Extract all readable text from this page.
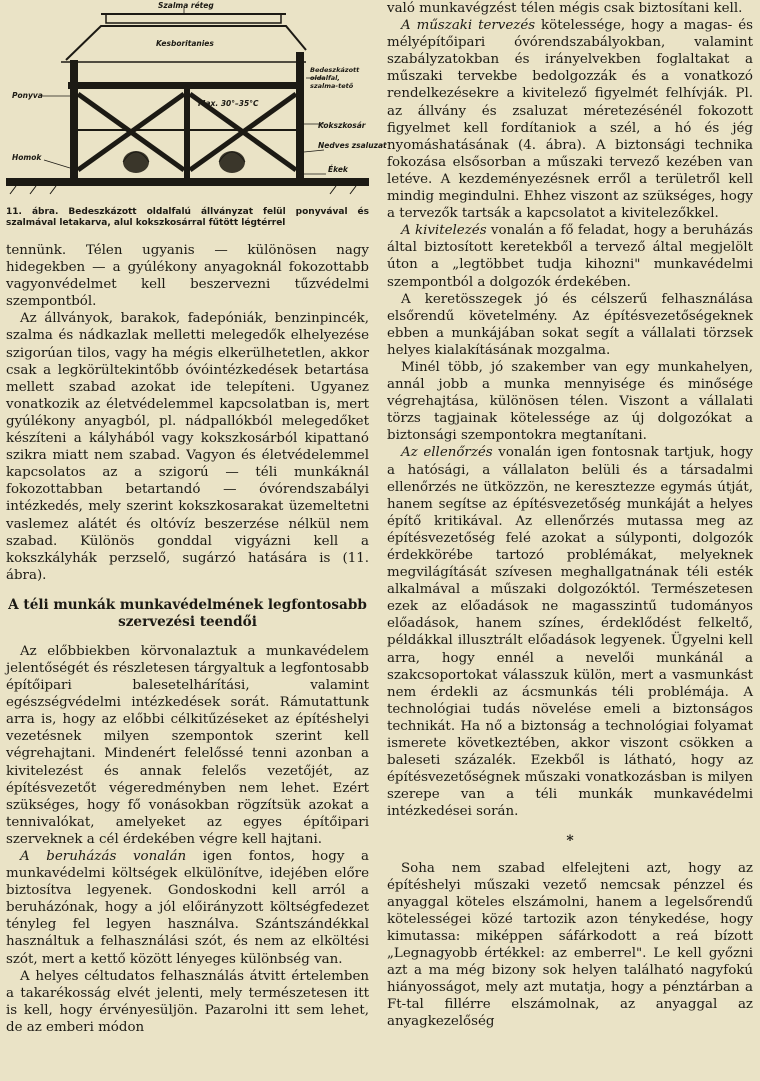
Szalma réteg
Kesboritanies
Max. 30°–35°C
Ponyva
Homok
Bedeszkázott oldalfal, szalma-tető
Kokszkosár
Nedves zsaluzat
Ékek
11. ábra. Bedeszkázott oldalfalú állványzat felül ponyvával és szalmával letakarva, alul kokszkosárral fűtött légtérrel

tennünk. Télen ugyanis — különösen nagy hidegekben — a gyúlékony anyagoknál fokozottabb vagyonvédelmet kell beszervezni tűzvédelmi szempontból.

Az állványok, barakok, fadepóniák, benzinpincék, szalma és nádkazlak melletti melegedők elhelyezése szigorúan tilos, vagy ha mégis elkerülhetetlen, akkor csak a legkörültekintőbb óvóintézkedések betartása mellett szabad azokat ide telepíteni. Ugyanez vonatkozik az életvédelemmel kapcsolatban is, mert gyúlékony anyagból, pl. nádpallókból melegedőket készíteni a kályhából vagy kokszkosárból kipattanó szikra miatt nem szabad. Vagyon és életvédelemmel kapcsolatos az a szigorú — téli munkáknál fokozottabban betartandó — óvórendszabályi intézkedés, mely szerint kokszkosarakat üzemeltetni vaslemez alátét és oltóvíz beszerzése nélkül nem szabad. Különös gonddal vigyázni kell a kokszkályhák perzselő, sugárzó hatására is (11. ábra).

A téli munkák munkavédelmének legfontosabb szervezési teendői

Az előbbiekben körvonalaztuk a munkavédelem jelentőségét és részletesen tárgyaltuk a legfontosabb építőipari balesetelhárítási, valamint egészségvédelmi intézkedések sorát. Rámutattunk arra is, hogy az előbbi célkitűzéseket az építéshelyi vezetésnek milyen szempontok szerint kell végrehajtani. Mindenért felelőssé tenni azonban a kivitelezést és annak felelős vezetőjét, az építésvezetőt végeredményben nem lehet. Ezért szükséges, hogy fő vonásokban rögzítsük azokat a tennivalókat, amelyeket az egyes építőipari szerveknek a cél érdekében végre kell hajtani.

A beruházás vonalán igen fontos, hogy a munkavédelmi költségek elkülönítve, idejében előre biztosítva legyenek. Gondoskodni kell arról a beruházónak, hogy a jól előirányzott költségfedezet tényleg fel legyen használva. Szántszándékkal használtuk a felhasználási szót, és nem az elköltési szót, mert a kettő között lényeges különbség van.

A helyes céltudatos felhasználás átvitt értelemben a takarékosság elvét jelenti, mely természetesen itt is kell, hogy érvényesüljön. Pazarolni itt sem lehet, de az emberi módon

való munkavégzést télen mégis csak biztosítani kell.

A műszaki tervezés kötelessége, hogy a magas- és mélyépítőipari óvórendszabályokban, valamint szabályzatokban és irányelvekben foglaltakat a műszaki tervekbe bedolgozzák és a vonatkozó rendelkezésekre a kivitelező figyelmét felhívják. Pl. az állvány és zsaluzat méretezésénél fokozott figyelmet kell fordítaniok a szél, a hó és jég nyomáshatásának (4. ábra). A biztonsági technika fokozása elsősorban a műszaki tervező kezében van letéve. A kezdeményezésnek erről a területről kell mindig megindulni. Ehhez viszont az szükséges, hogy a tervezők tartsák a kapcsolatot a kivitelezőkkel.

A kivitelezés vonalán a fő feladat, hogy a beruházás által biztosított keretekből a tervező által megjelölt úton a „legtöbbet tudja kihozni" munkavédelmi szempontból a dolgozók érdekében.

A keretösszegek jó és célszerű felhasználása elsőrendű követelmény. Az építésvezetőségeknek ebben a munkájában sokat segít a vállalati törzsek helyes kialakításának mozgalma.

Minél több, jó szakember van egy munkahelyen, annál jobb a munka mennyisége és minősége végrehajtása, különösen télen. Viszont a vállalati törzs tagjainak kötelessége az új dolgozókat a biztonsági szempontokra megtanítani.

Az ellenőrzés vonalán igen fontosnak tartjuk, hogy a hatósági, a vállalaton belüli és a társadalmi ellenőrzés ne ütközzön, ne keresztezze egymás útját, hanem segítse az építésvezetőség munkáját a helyes építő kritikával. Az ellenőrzés mutassa meg az építésvezetőség felé azokat a súlyponti, dolgozók érdekkörébe tartozó problémákat, melyeknek megvilágítását szívesen meghallgatnának téli esték alkalmával a műszaki dolgozóktól. Természetesen ezek az előadások ne magasszintű tudományos előadások, hanem színes, érdeklődést felkeltő, példákkal illusztrált előadások legyenek. Ügyelni kell arra, hogy ennél a nevelői munkánál a szakcsoportokat válasszuk külön, mert a vasmunkást nem érdekli az ácsmunkás téli problémája. A technológiai tudás növelése emeli a biztonságos technikát. Ha nő a biztonság a technológiai folyamat ismerete következtében, akkor viszont csökken a baleseti százalék. Ezekből is látható, hogy az építésvezetőségnek műszaki vonatkozásban is milyen szerepe van a téli munkák munkavédelmi intézkedései során.

*

Soha nem szabad elfelejteni azt, hogy az építéshelyi műszaki vezető nemcsak pénzzel és anyaggal köteles elszámolni, hanem a legelsőrendű kötelességei közé tartozik azon ténykedése, hogy kimutassa: miképpen sáfárkodott a reá bízott „Legnagyobb értékkel: az emberrel". Le kell győzni azt a ma még bizony sok helyen található nagyfokú hiányosságot, mely azt mutatja, hogy a pénztárban a Ft-tal fillérre elszámolnak, az anyaggal az anyagkezelőség
